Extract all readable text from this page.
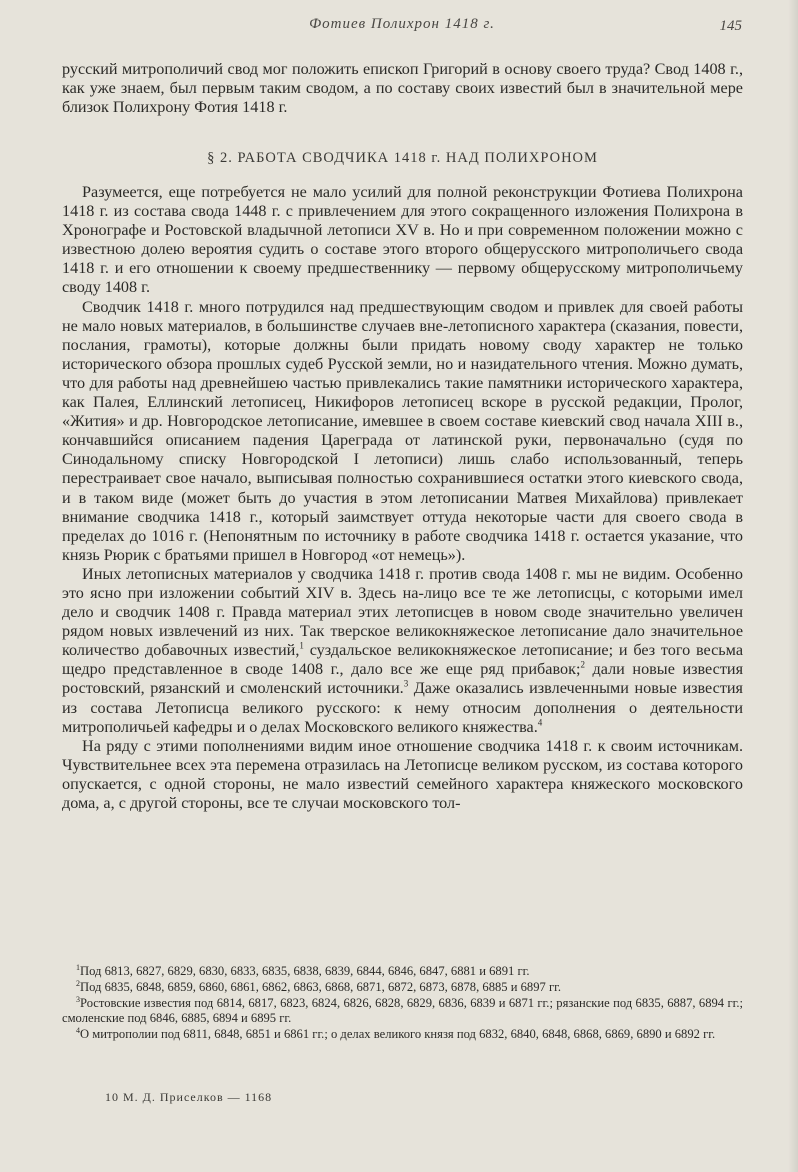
Фотиев Полихрон 1418 г.	145

русский митрополичий свод мог положить епископ Григорий в основу своего труда? Свод 1408 г., как уже знаем, был первым таким сводом, а по составу своих известий был в значительной мере близок Полихрону Фотия 1418 г.

§ 2. РАБОТА СВОДЧИКА 1418 г. НАД ПОЛИХРОНОМ

Разумеется, еще потребуется не мало усилий для полной реконструкции Фотиева Полихрона 1418 г. из состава свода 1448 г. с привлечением для этого сокращенного изложения Полихрона в Хронографе и Ростовской владычной летописи XV в. Но и при современном положении можно с известною долею вероятия судить о составе этого второго общерусского митрополичьего свода 1418 г. и его отношении к своему предшественнику — первому общерусскому митрополичьему своду 1408 г.

Сводчик 1418 г. много потрудился над предшествующим сводом и привлек для своей работы не мало новых материалов, в большинстве случаев вне-летописного характера (сказания, повести, послания, грамоты), которые должны были придать новому своду характер не только исторического обзора прошлых судеб Русской земли, но и назидательного чтения. Можно думать, что для работы над древнейшею частью привлекались такие памятники исторического характера, как Палея, Еллинский летописец, Никифоров летописец вскоре в русской редакции, Пролог, «Жития» и др. Новгородское летописание, имевшее в своем составе киевский свод начала XIII в., кончавшийся описанием падения Цареграда от латинской руки, первоначально (судя по Синодальному списку Новгородской I летописи) лишь слабо использованный, теперь перестраивает свое начало, выписывая полностью сохранившиеся остатки этого киевского свода, и в таком виде (может быть до участия в этом летописании Матвея Михайлова) привлекает внимание сводчика 1418 г., который заимствует оттуда некоторые части для своего свода в пределах до 1016 г. (Непонятным по источнику в работе сводчика 1418 г. остается указание, что князь Рюрик с братьями пришел в Новгород «от немець»).

Иных летописных материалов у сводчика 1418 г. против свода 1408 г. мы не видим. Особенно это ясно при изложении событий XIV в. Здесь на-лицо все те же летописцы, с которыми имел дело и сводчик 1408 г. Правда материал этих летописцев в новом своде значительно увеличен рядом новых извлечений из них. Так тверское великокняжеское летописание дало значительное количество добавочных известий,$^1$ суздальское великокняжеское летописание; и без того весьма щедро представленное в своде 1408 г., дало все же еще ряд прибавок;$^2$ дали новые известия ростовский, рязанский и смоленский источники.$^3$ Даже оказались извлеченными новые известия из состава Летописца великого русского: к нему относим дополнения о деятельности митрополичьей кафедры и о делах Московского великого княжества.$^4$

На ряду с этими пополнениями видим иное отношение сводчика 1418 г. к своим источникам. Чувствительнее всех эта перемена отразилась на Летописце великом русском, из состава которого опускается, с одной стороны, не мало известий семейного характера княжеского московского дома, а, с другой стороны, все те случаи московского тол-

$^1$Под 6813, 6827, 6829, 6830, 6833, 6835, 6838, 6839, 6844, 6846, 6847, 6881 и 6891 гг.

$^2$Под 6835, 6848, 6859, 6860, 6861, 6862, 6863, 6868, 6871, 6872, 6873, 6878, 6885 и 6897 гг.

$^3$Ростовские известия под 6814, 6817, 6823, 6824, 6826, 6828, 6829, 6836, 6839 и 6871 гг.; рязанские под 6835, 6887, 6894 гг.; смоленские под 6846, 6885, 6894 и 6895 гг.

$^4$О митрополии под 6811, 6848, 6851 и 6861 гг.; о делах великого князя под 6832, 6840, 6848, 6868, 6869, 6890 и 6892 гг.

10 М. Д. Приселков — 1168
